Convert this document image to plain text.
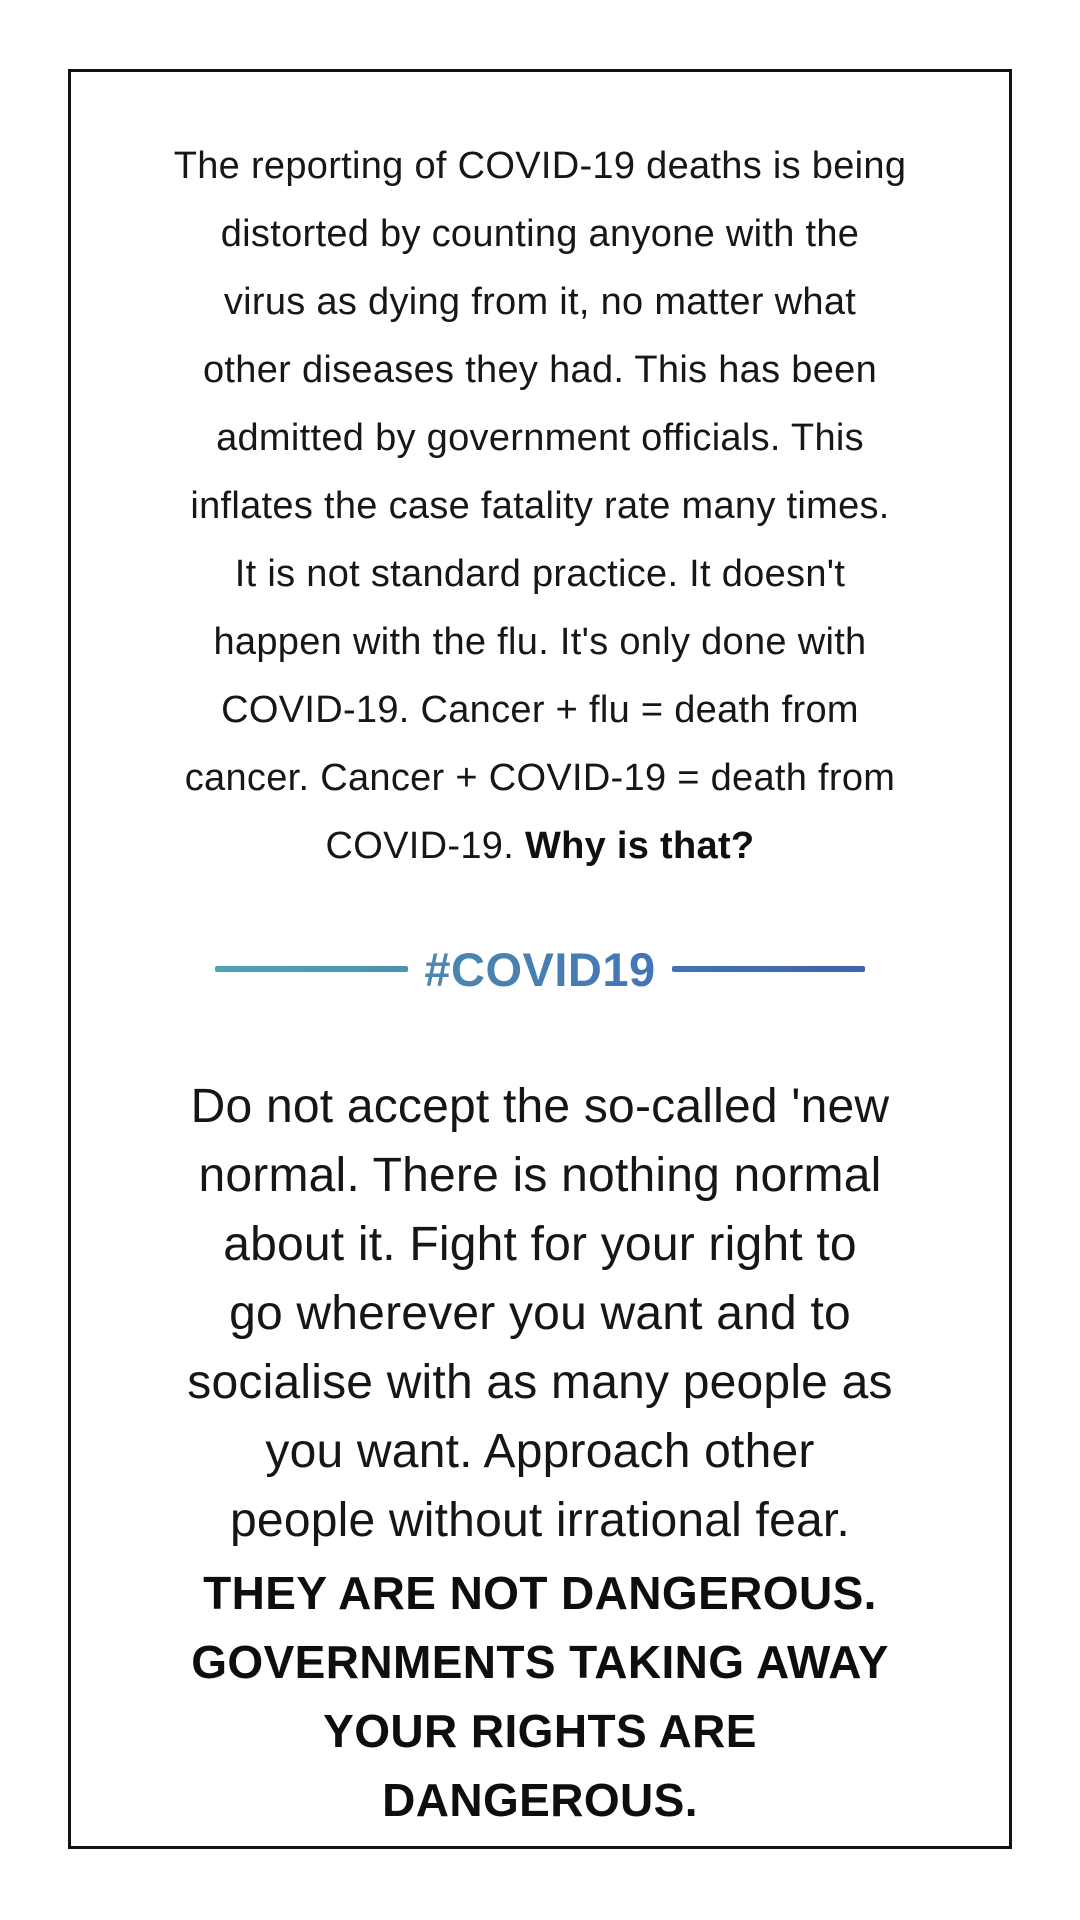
The reporting of COVID-19 deaths is being
distorted by counting anyone with the
virus as dying from it, no matter what
other diseases they had. This has been
admitted by government officials. This
inflates the case fatality rate many times.
It is not standard practice. It doesn't
happen with the flu. It's only done with
COVID-19. Cancer + flu = death from
cancer. Cancer + COVID-19 = death from
COVID-19. Why is that?
#COVID19
Do not accept the so-called 'new
normal. There is nothing normal
about it. Fight for your right to
go wherever you want and to
socialise with as many people as
you want. Approach other
people without irrational fear.
THEY ARE NOT DANGEROUS.
GOVERNMENTS TAKING AWAY
YOUR RIGHTS ARE
DANGEROUS.
